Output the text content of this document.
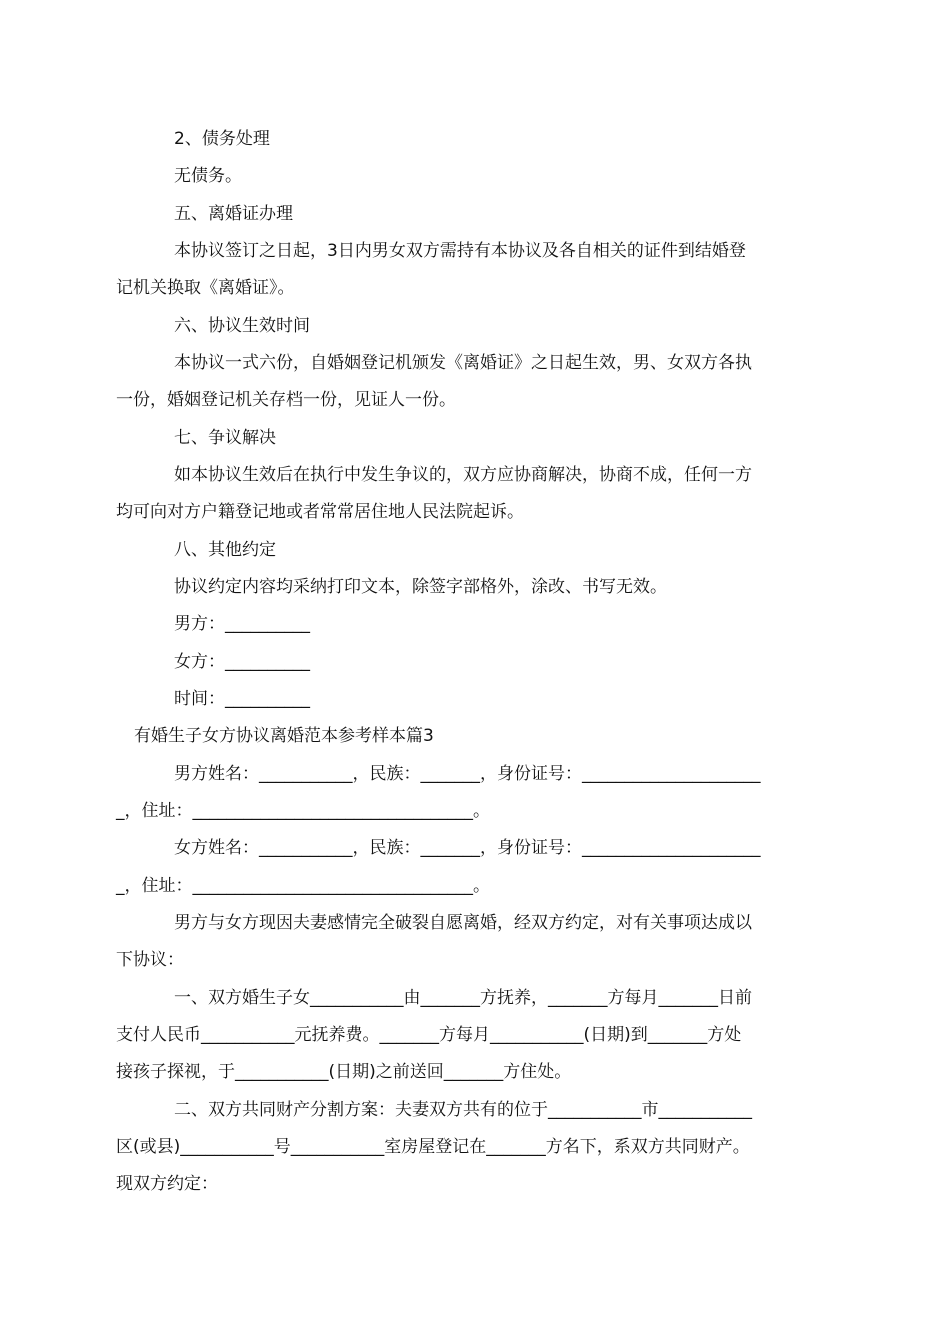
2、债务处理
无债务。
五、离婚证办理
本协议签订之日起，3日内男女双方需持有本协议及各自相关的证件到结婚登
记机关换取《离婚证》。
六、协议生效时间
本协议一式六份，自婚姻登记机颁发《离婚证》之日起生效，男、女双方各执
一份，婚姻登记机关存档一份，见证人一份。
七、争议解决
如本协议生效后在执行中发生争议的，双方应协商解决，协商不成，任何一方
均可向对方户籍登记地或者常常居住地人民法院起诉。
八、其他约定
协议约定内容均采纳打印文本，除签字部格外，涂改、书写无效。
男方：__________
女方：__________
时间：__________
有婚生子女方协议离婚范本参考样本篇3
男方姓名：___________，民族：_______，身份证号：_____________________
_，住址：_________________________________。
女方姓名：___________，民族：_______，身份证号：_____________________
_，住址：_________________________________。
男方与女方现因夫妻感情完全破裂自愿离婚，经双方约定，对有关事项达成以
下协议：
一、双方婚生子女___________由_______方抚养，_______方每月_______日前
支付人民币___________元抚养费。_______方每月___________(日期)到_______方处
接孩子探视，于___________(日期)之前送回_______方住处。
二、双方共同财产分割方案：夫妻双方共有的位于___________市___________
区(或县)___________号___________室房屋登记在_______方名下，系双方共同财产。
现双方约定：
